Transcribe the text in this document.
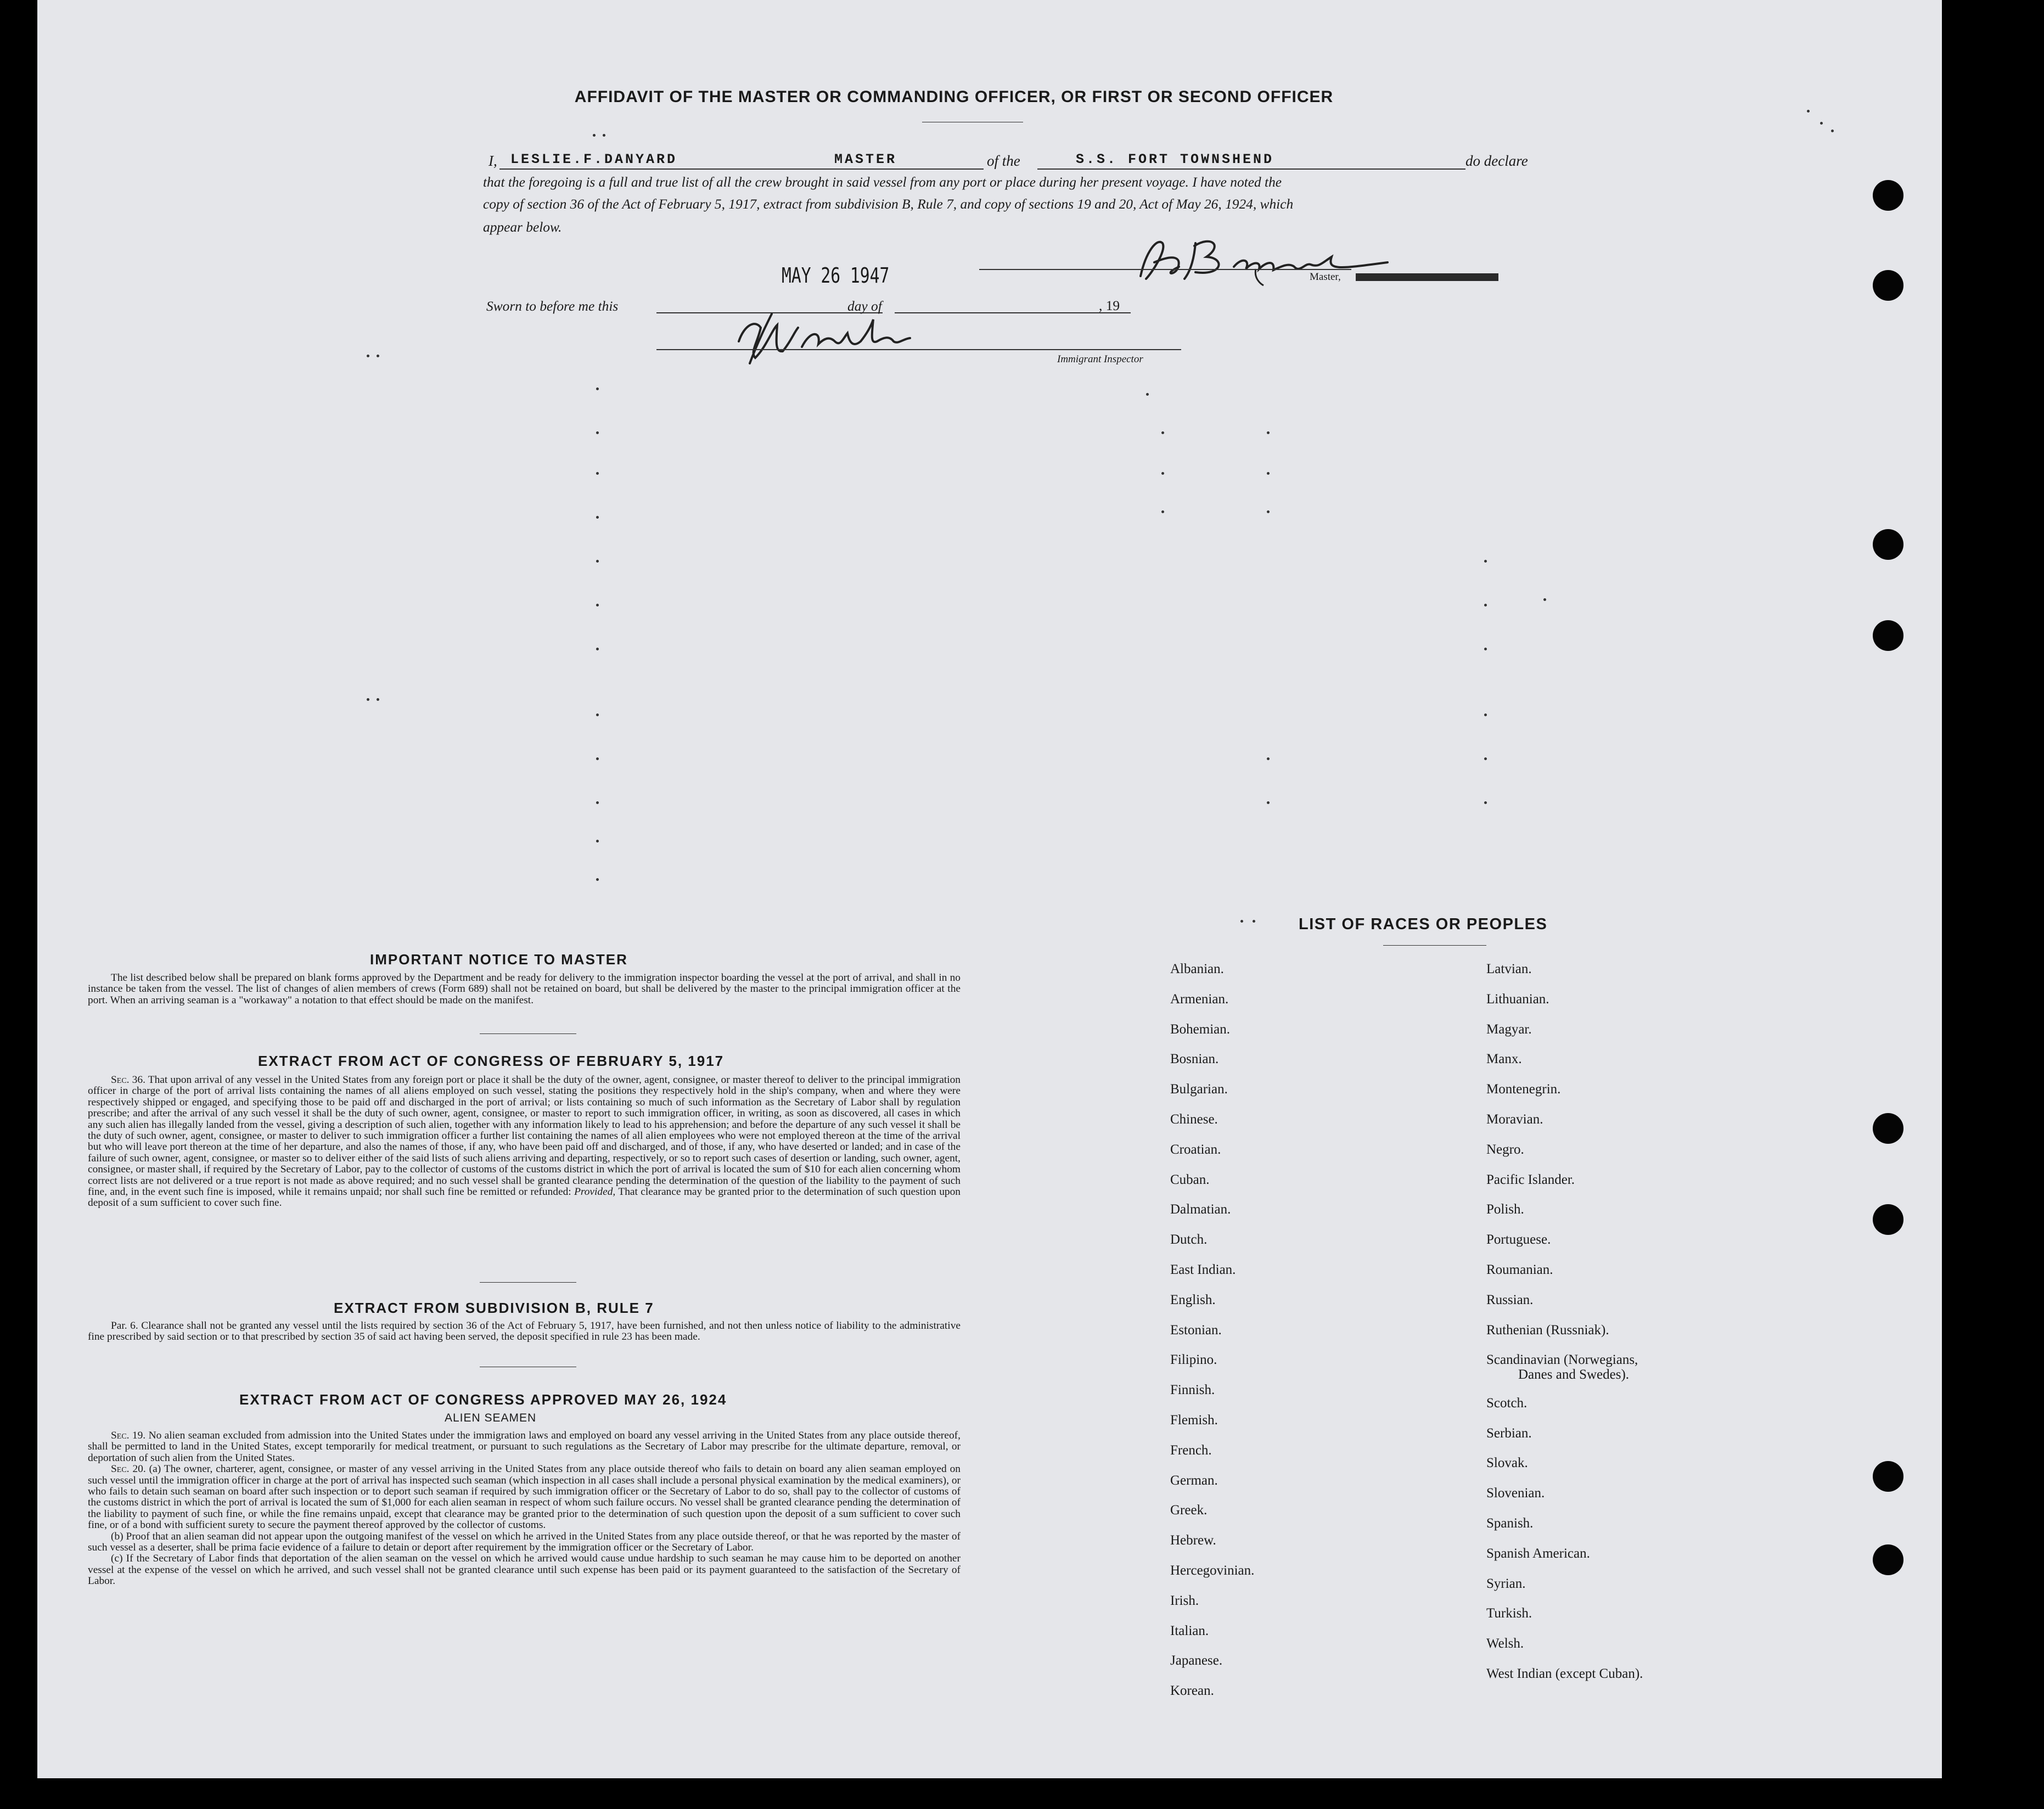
AFFIDAVIT OF THE MASTER OR COMMANDING OFFICER, OR FIRST OR SECOND OFFICER
I, LESLIE.F.DANYARD	MASTER	of the	S.S. FORT TOWNSHEND	do declare
that the foregoing is a full and true list of all the crew brought in said vessel from any port or place during her present voyage. I have noted the
copy of section 36 of the Act of February 5, 1917, extract from subdivision B, Rule 7, and copy of sections 19 and 20, Act of May 26, 1924, which
appear below.
Master,
MAY 26 1947
Sworn to before me this	day of	, 19
Immigrant Inspector
IMPORTANT NOTICE TO MASTER

The list described below shall be prepared on blank forms approved by the Department and be ready for delivery to the immigration inspector boarding the vessel at the port of arrival, and shall in no instance be taken from the vessel. The list of changes of alien members of crews (Form 689) shall not be retained on board, but shall be delivered by the master to the principal immigration officer at the port. When an arriving seaman is a "workaway" a notation to that effect should be made on the manifest.

EXTRACT FROM ACT OF CONGRESS OF FEBRUARY 5, 1917

Sec. 36. That upon arrival of any vessel in the United States from any foreign port or place it shall be the duty of the owner, agent, consignee, or master thereof to deliver to the principal immigration officer in charge of the port of arrival lists containing the names of all aliens employed on such vessel, stating the positions they respectively hold in the ship's company, when and where they were respectively shipped or engaged, and specifying those to be paid off and discharged in the port of arrival; or lists containing so much of such information as the Secretary of Labor shall by regulation prescribe; and after the arrival of any such vessel it shall be the duty of such owner, agent, consignee, or master to report to such immigration officer, in writing, as soon as discovered, all cases in which any such alien has illegally landed from the vessel, giving a description of such alien, together with any information likely to lead to his apprehension; and before the departure of any such vessel it shall be the duty of such owner, agent, consignee, or master to deliver to such immigration officer a further list containing the names of all alien employees who were not employed thereon at the time of the arrival but who will leave port thereon at the time of her departure, and also the names of those, if any, who have been paid off and discharged, and of those, if any, who have deserted or landed; and in case of the failure of such owner, agent, consignee, or master so to deliver either of the said lists of such aliens arriving and departing, respectively, or so to report such cases of desertion or landing, such owner, agent, consignee, or master shall, if required by the Secretary of Labor, pay to the collector of customs of the customs district in which the port of arrival is located the sum of $10 for each alien concerning whom correct lists are not delivered or a true report is not made as above required; and no such vessel shall be granted clearance pending the determination of the question of the liability to the payment of such fine, and, in the event such fine is imposed, while it remains unpaid; nor shall such fine be remitted or refunded: Provided, That clearance may be granted prior to the determination of such question upon deposit of a sum sufficient to cover such fine.

EXTRACT FROM SUBDIVISION B, RULE 7

Par. 6. Clearance shall not be granted any vessel until the lists required by section 36 of the Act of February 5, 1917, have been furnished, and not then unless notice of liability to the administrative fine prescribed by said section or to that prescribed by section 35 of said act having been served, the deposit specified in rule 23 has been made.

EXTRACT FROM ACT OF CONGRESS APPROVED MAY 26, 1924
ALIEN SEAMEN

Sec. 19. No alien seaman excluded from admission into the United States under the immigration laws and employed on board any vessel arriving in the United States from any place outside thereof, shall be permitted to land in the United States, except temporarily for medical treatment, or pursuant to such regulations as the Secretary of Labor may prescribe for the ultimate departure, removal, or deportation of such alien from the United States.

Sec. 20. (a) The owner, charterer, agent, consignee, or master of any vessel arriving in the United States from any place outside thereof who fails to detain on board any alien seaman employed on such vessel until the immigration officer in charge at the port of arrival has inspected such seaman (which inspection in all cases shall include a personal physical examination by the medical examiners), or who fails to detain such seaman on board after such inspection or to deport such seaman if required by such immigration officer or the Secretary of Labor to do so, shall pay to the collector of customs of the customs district in which the port of arrival is located the sum of $1,000 for each alien seaman in respect of whom such failure occurs. No vessel shall be granted clearance pending the determination of the liability to payment of such fine, or while the fine remains unpaid, except that clearance may be granted prior to the determination of such question upon the deposit of a sum sufficient to cover such fine, or of a bond with sufficient surety to secure the payment thereof approved by the collector of customs.

(b) Proof that an alien seaman did not appear upon the outgoing manifest of the vessel on which he arrived in the United States from any place outside thereof, or that he was reported by the master of such vessel as a deserter, shall be prima facie evidence of a failure to detain or deport after requirement by the immigration officer or the Secretary of Labor.

(c) If the Secretary of Labor finds that deportation of the alien seaman on the vessel on which he arrived would cause undue hardship to such seaman he may cause him to be deported on another vessel at the expense of the vessel on which he arrived, and such vessel shall not be granted clearance until such expense has been paid or its payment guaranteed to the satisfaction of the Secretary of Labor.

LIST OF RACES OR PEOPLES
Albanian.
Armenian.
Bohemian.
Bosnian.
Bulgarian.
Chinese.
Croatian.
Cuban.
Dalmatian.
Dutch.
East Indian.
English.
Estonian.
Filipino.
Finnish.
Flemish.
French.
German.
Greek.
Hebrew.
Hercegovinian.
Irish.
Italian.
Japanese.
Korean.
Latvian.
Lithuanian.
Magyar.
Manx.
Montenegrin.
Moravian.
Negro.
Pacific Islander.
Polish.
Portuguese.
Roumanian.
Russian.
Ruthenian (Russniak).
Scandinavian (Norwegians,
Danes and Swedes).
Scotch.
Serbian.
Slovak.
Slovenian.
Spanish.
Spanish American.
Syrian.
Turkish.
Welsh.
West Indian (except Cuban).
